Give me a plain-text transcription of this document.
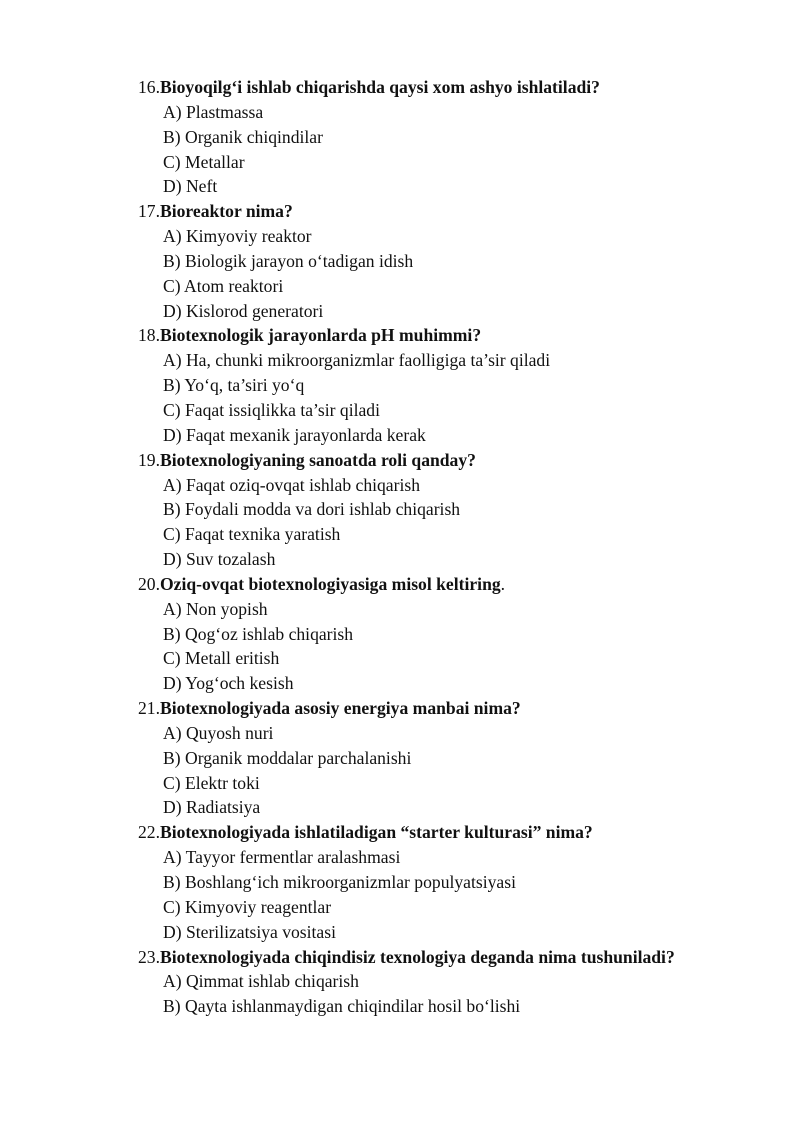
16.Bioyoqilg‘i ishlab chiqarishda qaysi xom ashyo ishlatiladi?
A) Plastmassa
B) Organik chiqindilar
C) Metallar
D) Neft
17.Bioreaktor nima?
A) Kimyoviy reaktor
B) Biologik jarayon o‘tadigan idish
C) Atom reaktori
D) Kislorod generatori
18.Biotexnologik jarayonlarda pH muhimmi?
A) Ha, chunki mikroorganizmlar faolligiga ta’sir qiladi
B) Yo‘q, ta’siri yo‘q
C) Faqat issiqlikka ta’sir qiladi
D) Faqat mexanik jarayonlarda kerak
19.Biotexnologiyaning sanoatda roli qanday?
A) Faqat oziq-ovqat ishlab chiqarish
B) Foydali modda va dori ishlab chiqarish
C) Faqat texnika yaratish
D) Suv tozalash
20.Oziq-ovqat biotexnologiyasiga misol keltiring.
A) Non yopish
B) Qog‘oz ishlab chiqarish
C) Metall eritish
D) Yog‘och kesish
21.Biotexnologiyada asosiy energiya manbai nima?
A) Quyosh nuri
B) Organik moddalar parchalanishi
C) Elektr toki
D) Radiatsiya
22.Biotexnologiyada ishlatiladigan “starter kulturasi” nima?
A) Tayyor fermentlar aralashmasi
B) Boshlang‘ich mikroorganizmlar populyatsiyasi
C) Kimyoviy reagentlar
D) Sterilizatsiya vositasi
23.Biotexnologiyada chiqindisiz texnologiya deganda nima tushuniladi?
A) Qimmat ishlab chiqarish
B) Qayta ishlanmaydigan chiqindilar hosil bo‘lishi
